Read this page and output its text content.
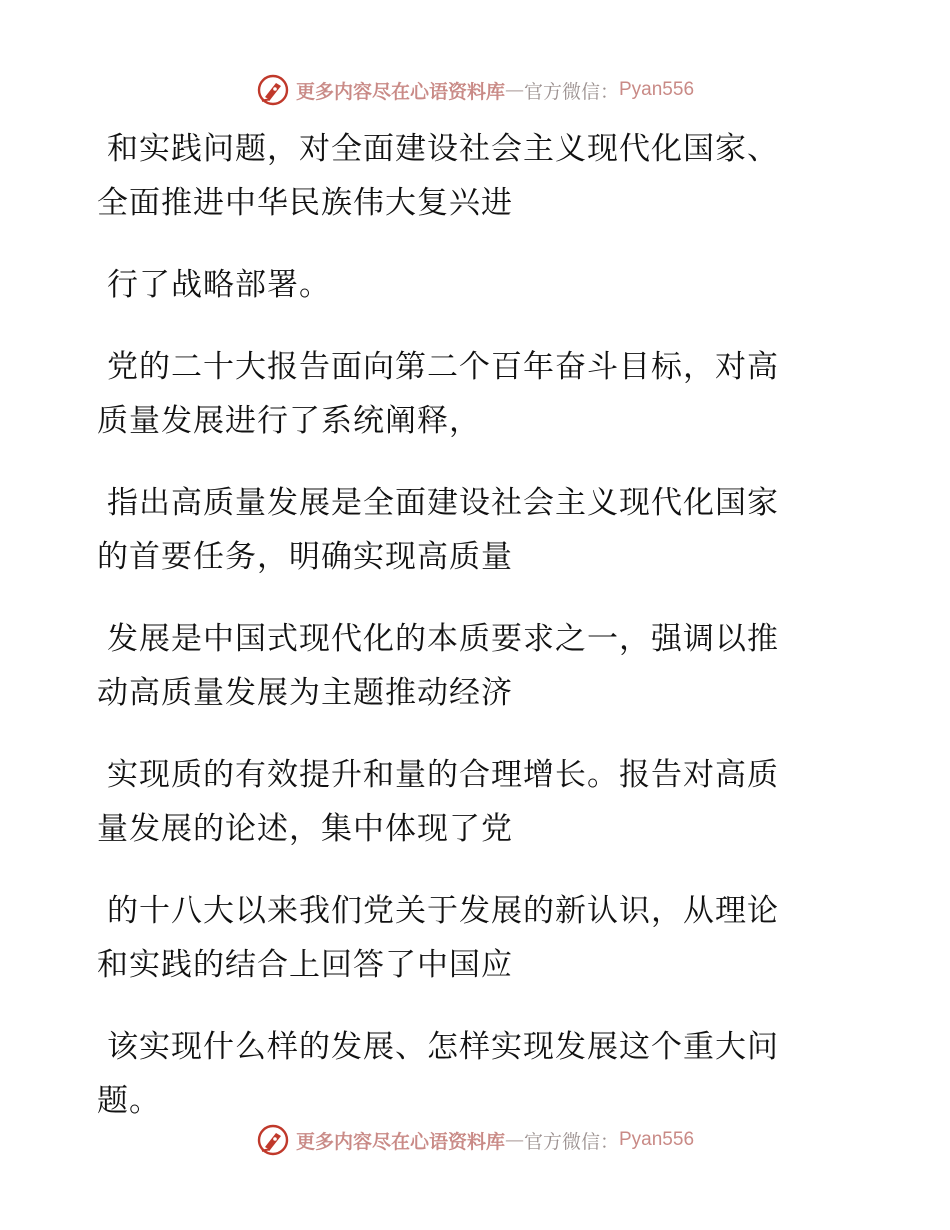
更多内容尽在心语资料库 — 官方微信： Pyan556
和实践问题，对全面建设社会主义现代化国家、
全面推进中华民族伟大复兴进
行了战略部署。
党的二十大报告面向第二个百年奋斗目标，对高
质量发展进行了系统阐释，
指出高质量发展是全面建设社会主义现代化国家
的首要任务，明确实现高质量
发展是中国式现代化的本质要求之一，强调以推
动高质量发展为主题推动经济
实现质的有效提升和量的合理增长。报告对高质
量发展的论述，集中体现了党
的十八大以来我们党关于发展的新认识，从理论
和实践的结合上回答了中国应
该实现什么样的发展、怎样实现发展这个重大问
题。
更多内容尽在心语资料库 — 官方微信： Pyan556
